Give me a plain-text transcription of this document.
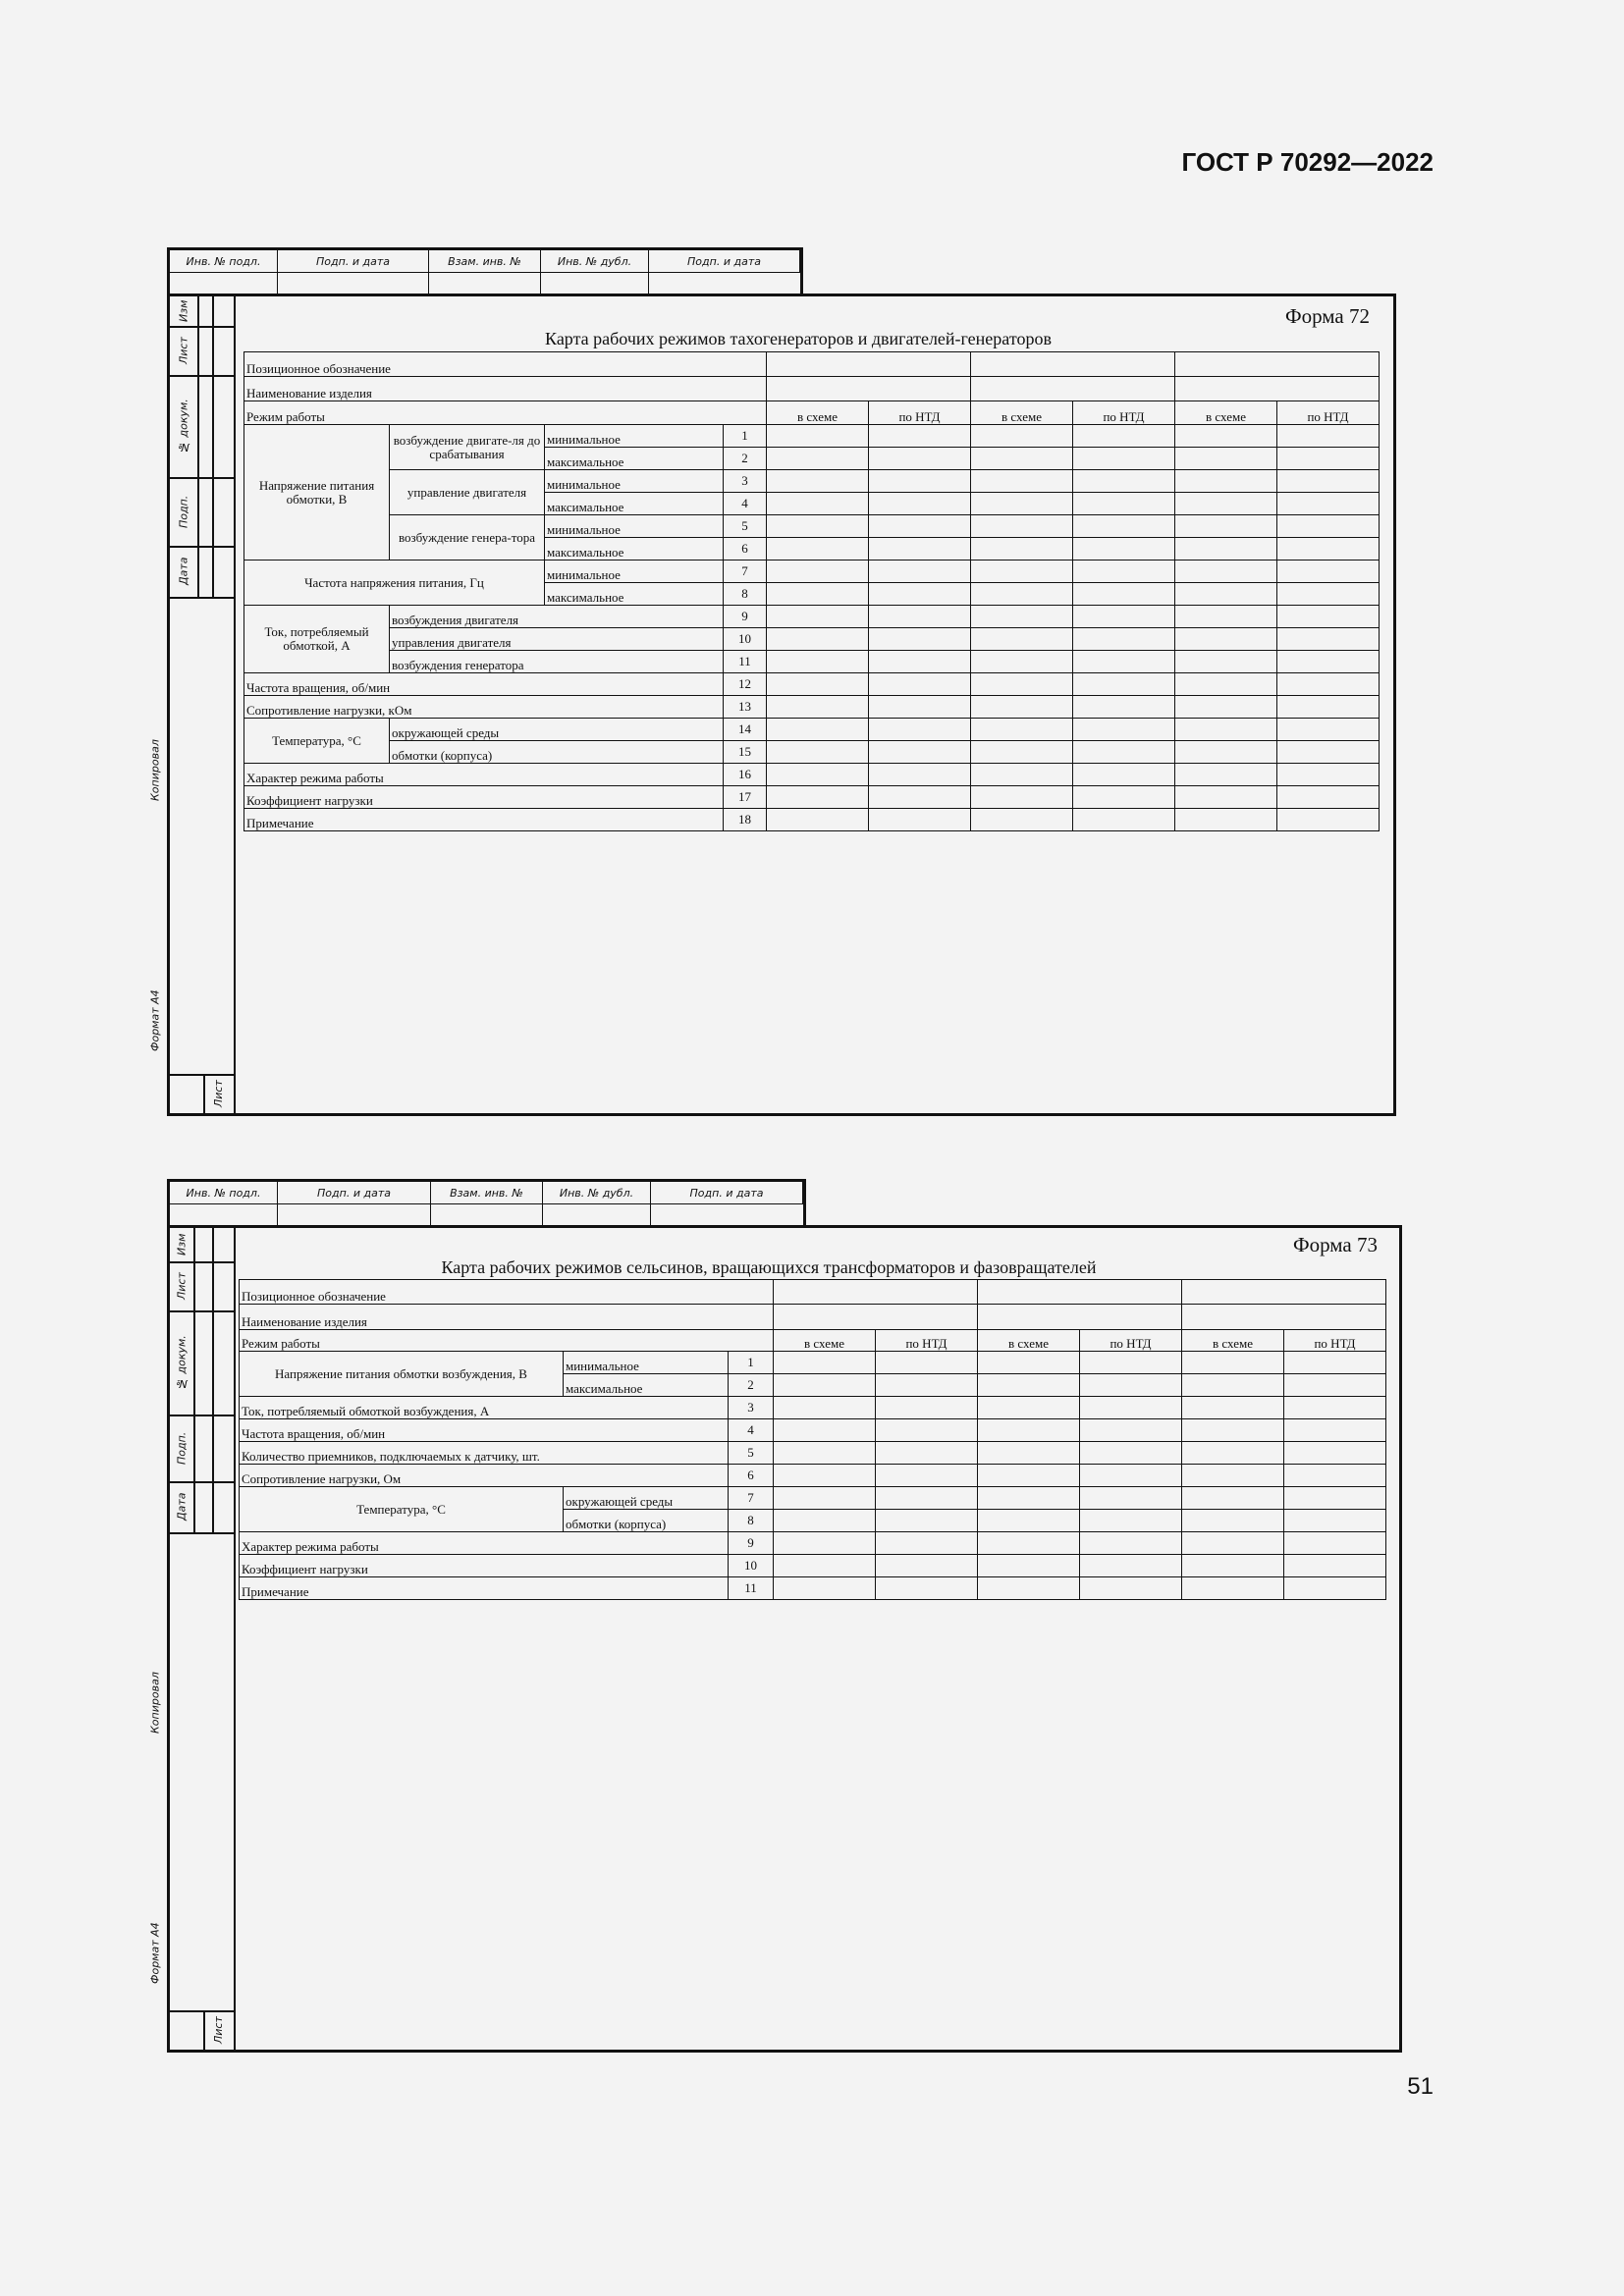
ГОСТ Р 70292—2022
Инв. № подл.	Подп. и дата	Взам. инв. №	Инв. № дубл.	Подп. и дата
Изм
Лист
№ докум.
Подп.
Дата
Лист
Форма 72
Карта рабочих режимов тахогенераторов и двигателей-генераторов
Позиционное обозначение									
Наименование изделия									
Режим работы				в схеме	по НТД	в схеме	по НТД	в схеме	по НТД
Напряжение питания обмотки, В	возбуждение двигате-ля до срабатывания	минимальное	1						
		максимальное	2						
	управление двигателя	минимальное	3						
		максимальное	4						
	возбуждение генера-тора	минимальное	5						
		максимальное	6						
Частота напряжения питания, Гц		минимальное	7						
		максимальное	8						
Ток, потребляемый обмоткой, А	возбуждения двигателя		9						
	управления двигателя		10						
	возбуждения генератора		11						
Частота вращения, об/мин			12						
Сопротивление нагрузки, кОм			13						
Температура, °С	окружающей среды		14						
	обмотки (корпуса)		15						
Характер режима работы			16						
Коэффициент нагрузки			17						
Примечание			18						
Копировал
Формат А4
Инв. № подл.	Подп. и дата	Взам. инв. №	Инв. № дубл.	Подп. и дата
Изм
Лист
№ докум.
Подп.
Дата
Лист
Форма 73
Карта рабочих режимов сельсинов, вращающихся трансформаторов и фазовращателей
Позиционное обозначение								
Наименование изделия								
Режим работы			в схеме	по НТД	в схеме	по НТД	в схеме	по НТД
Напряжение питания обмотки возбуждения, В	минимальное	1						
	максимальное	2						
Ток, потребляемый обмоткой возбуждения, А		3						
Частота вращения, об/мин		4						
Количество приемников, подключаемых к датчику, шт.		5						
Сопротивление нагрузки, Ом		6						
Температура, °С	окружающей среды	7						
	обмотки (корпуса)	8						
Характер режима работы		9						
Коэффициент нагрузки		10						
Примечание		11						
Копировал
Формат А4
51
